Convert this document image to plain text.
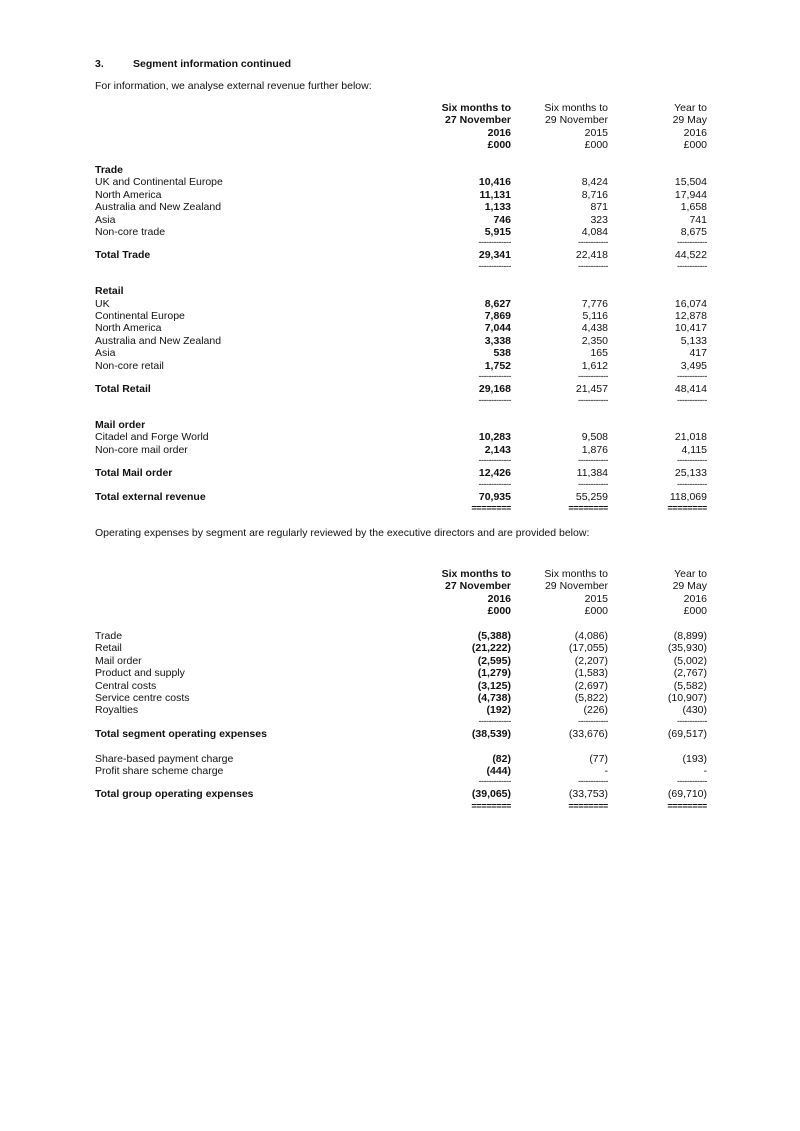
3.	Segment information continued
For information, we analyse external revenue further below:
	Six months to	Six months to	Year to
	27 November	29 November	29 May
	2016	2015	2016
	£000	£000	£000

Trade			
UK and Continental Europe	10,416	8,424	15,504
North America	11,131	8,716	17,944
Australia and New Zealand	1,133	871	1,658
Asia	746	323	741
Non-core trade	5,915	4,084	8,675
	-------------	------------	------------
Total Trade	29,341	22,418	44,522
	-------------	------------	------------

Retail			
UK	8,627	7,776	16,074
Continental Europe	7,869	5,116	12,878
North America	7,044	4,438	10,417
Australia and New Zealand	3,338	2,350	5,133
Asia	538	165	417
Non-core retail	1,752	1,612	3,495
	-------------	------------	------------
Total Retail	29,168	21,457	48,414
	-------------	------------	------------

Mail order			
Citadel and Forge World	10,283	9,508	21,018
Non-core mail order	2,143	1,876	4,115
	-------------	------------	------------
Total Mail order	12,426	11,384	25,133
	-------------	------------	------------
Total external revenue	70,935	55,259	118,069
	========	========	========
Operating expenses by segment are regularly reviewed by the executive directors and are provided below:
	Six months to	Six months to	Year to
	27 November	29 November	29 May
	2016	2015	2016
	£000	£000	£000

Trade	(5,388)	(4,086)	(8,899)
Retail	(21,222)	(17,055)	(35,930)
Mail order	(2,595)	(2,207)	(5,002)
Product and supply	(1,279)	(1,583)	(2,767)
Central costs	(3,125)	(2,697)	(5,582)
Service centre costs	(4,738)	(5,822)	(10,907)
Royalties	(192)	(226)	(430)
	-------------	------------	------------
Total segment operating expenses	(38,539)	(33,676)	(69,517)

Share-based payment charge	(82)	(77)	(193)
Profit share scheme charge	(444)	-	-
	-------------	------------	------------
Total group operating expenses	(39,065)	(33,753)	(69,710)
	========	========	========
